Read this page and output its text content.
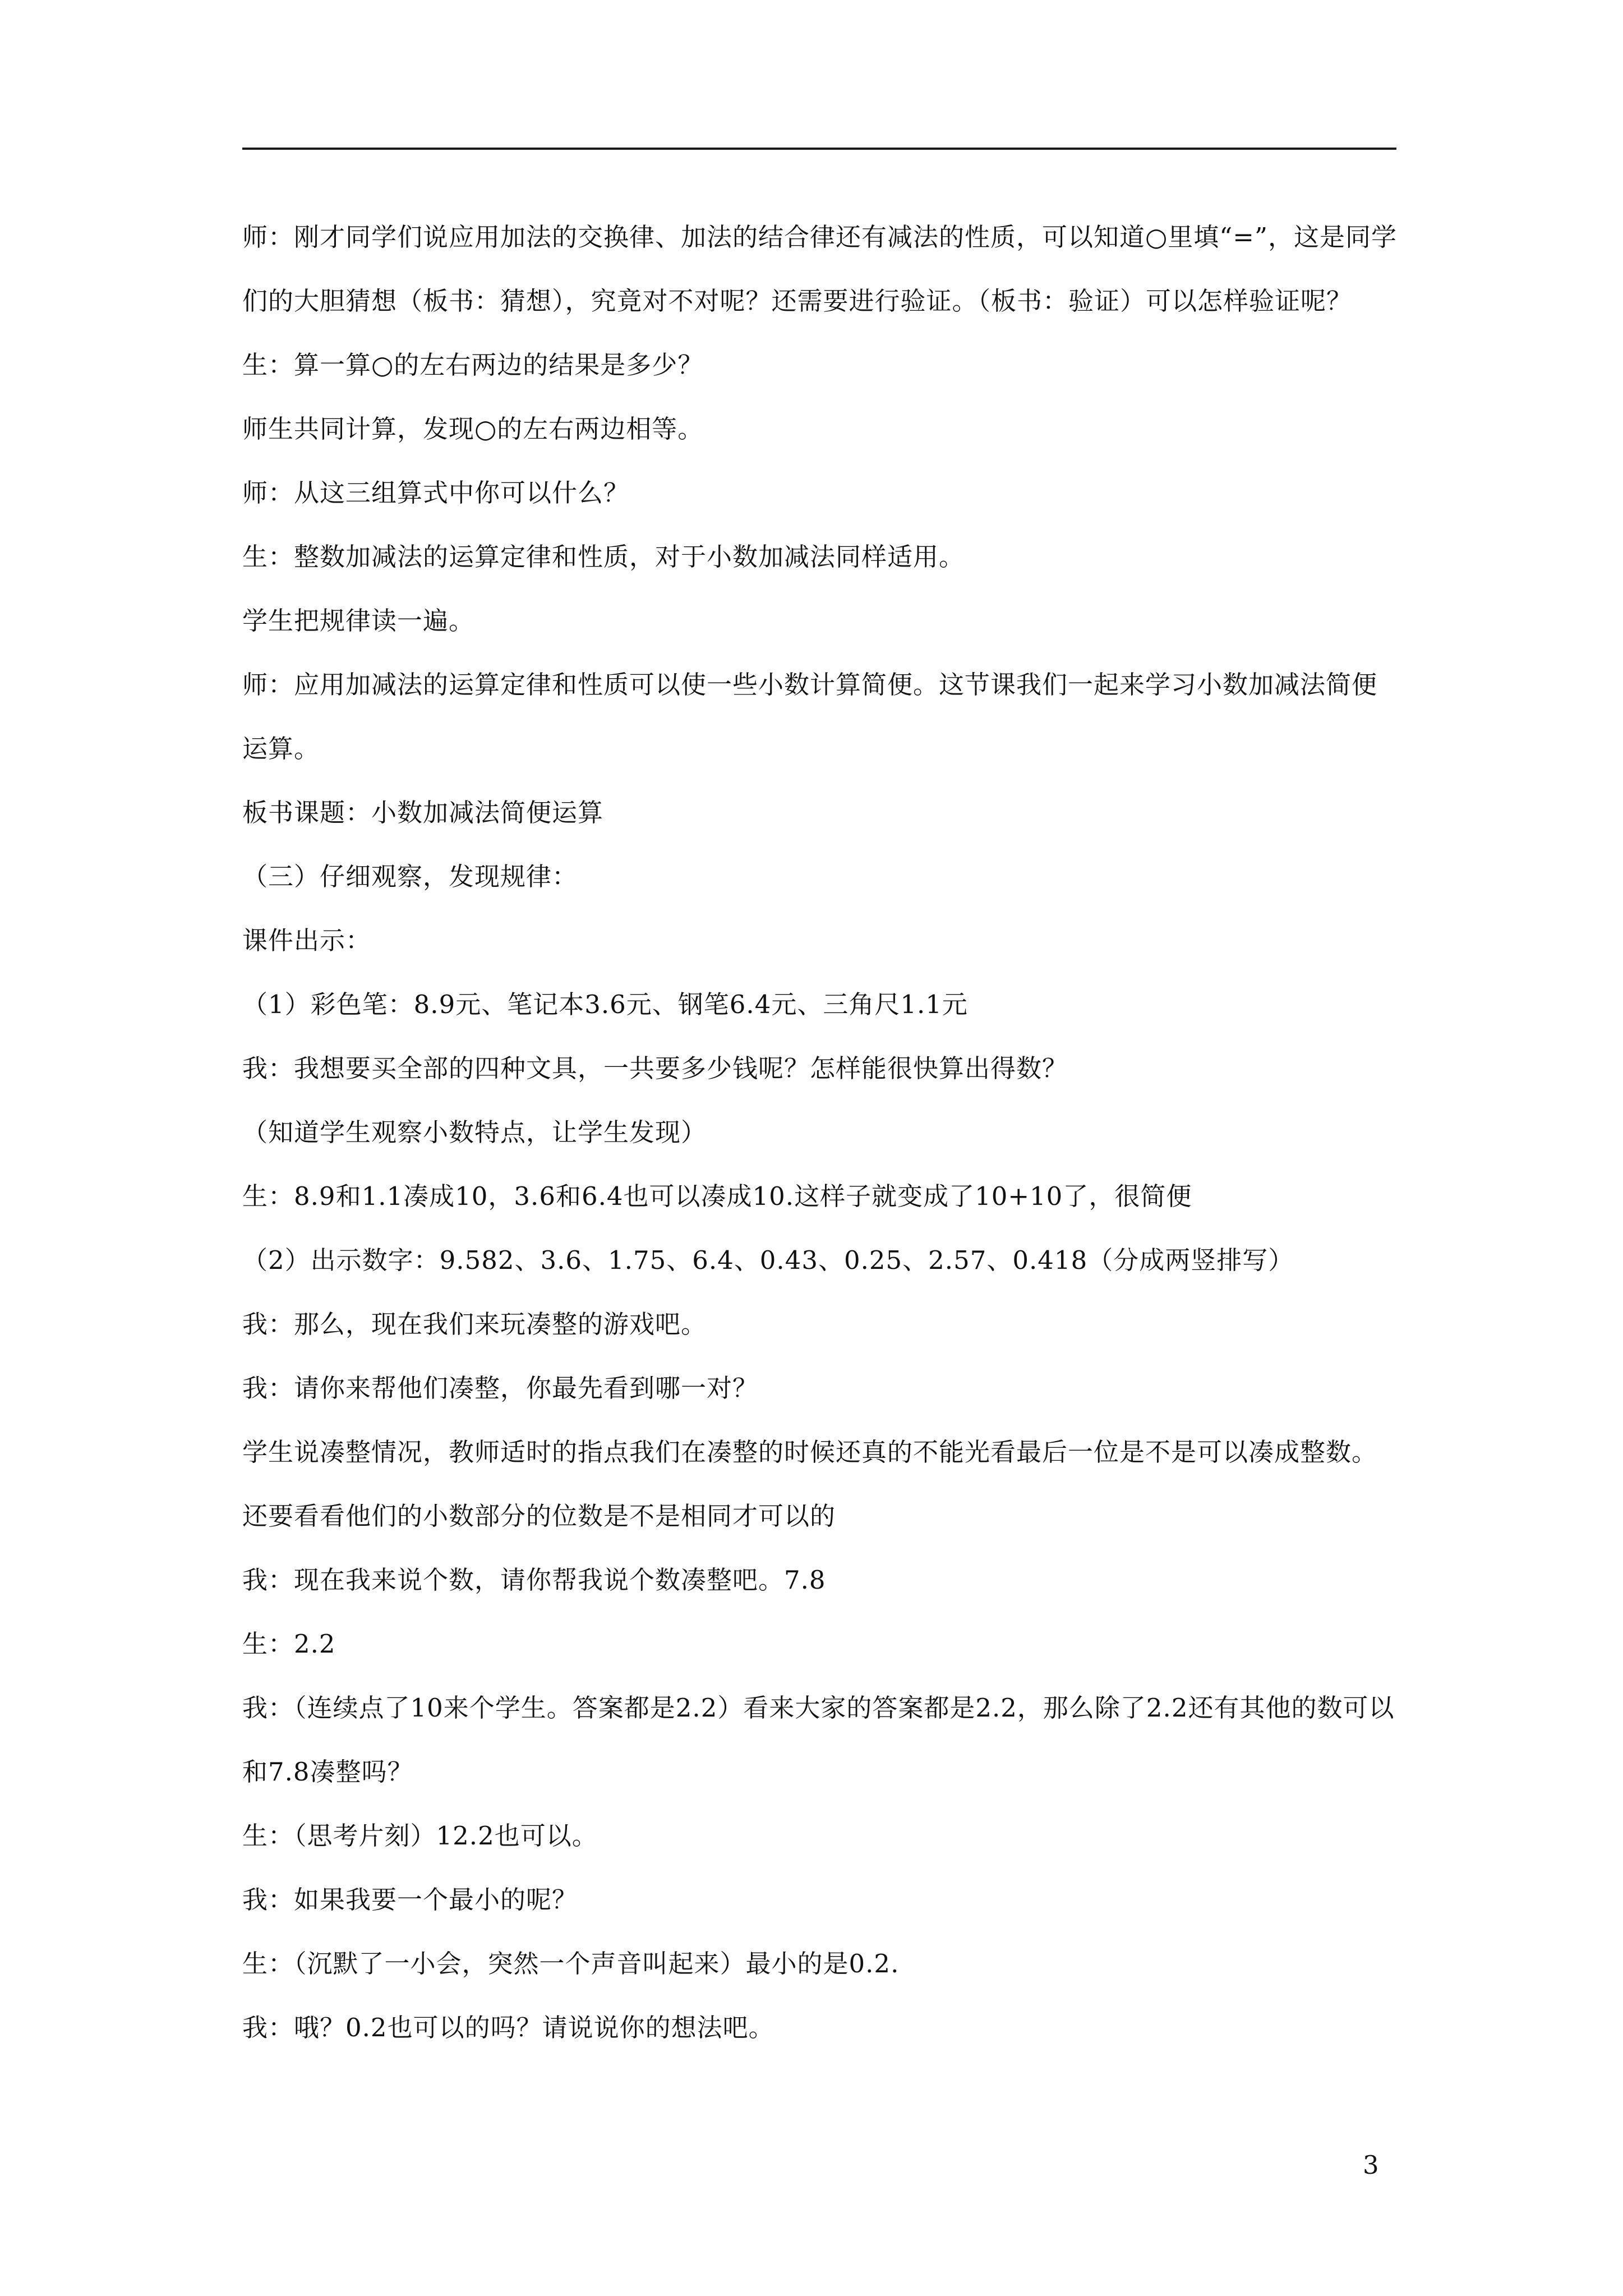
师：刚才同学们说应用加法的交换律、加法的结合律还有减法的性质，可以知道○里填“=”，这是同学们的大胆猜想（板书：猜想），究竟对不对呢？还需要进行验证。（板书：验证）可以怎样验证呢？

生：算一算○的左右两边的结果是多少？

师生共同计算，发现○的左右两边相等。

师：从这三组算式中你可以什么？

生：整数加减法的运算定律和性质，对于小数加减法同样适用。

学生把规律读一遍。

师：应用加减法的运算定律和性质可以使一些小数计算简便。这节课我们一起来学习小数加减法简便运算。

板书课题：小数加减法简便运算

（三）仔细观察，发现规律：

课件出示：

（1）彩色笔：8.9元、笔记本3.6元、钢笔6.4元、三角尺1.1元

我：我想要买全部的四种文具，一共要多少钱呢？怎样能很快算出得数？

（知道学生观察小数特点，让学生发现）

生：8.9和1.1凑成10，3.6和6.4也可以凑成10.这样子就变成了10+10了，很简便

（2）出示数字：9.582、3.6、1.75、6.4、0.43、0.25、2.57、0.418（分成两竖排写）

我：那么，现在我们来玩凑整的游戏吧。

我：请你来帮他们凑整，你最先看到哪一对？

学生说凑整情况，教师适时的指点我们在凑整的时候还真的不能光看最后一位是不是可以凑成整数。还要看看他们的小数部分的位数是不是相同才可以的

我：现在我来说个数，请你帮我说个数凑整吧。7.8

生：2.2

我：（连续点了10来个学生。答案都是2.2）看来大家的答案都是2.2，那么除了2.2还有其他的数可以和7.8凑整吗？

生：（思考片刻）12.2也可以。

我：如果我要一个最小的呢？

生：（沉默了一小会，突然一个声音叫起来）最小的是0.2.

我：哦？0.2也可以的吗？请说说你的想法吧。

3
